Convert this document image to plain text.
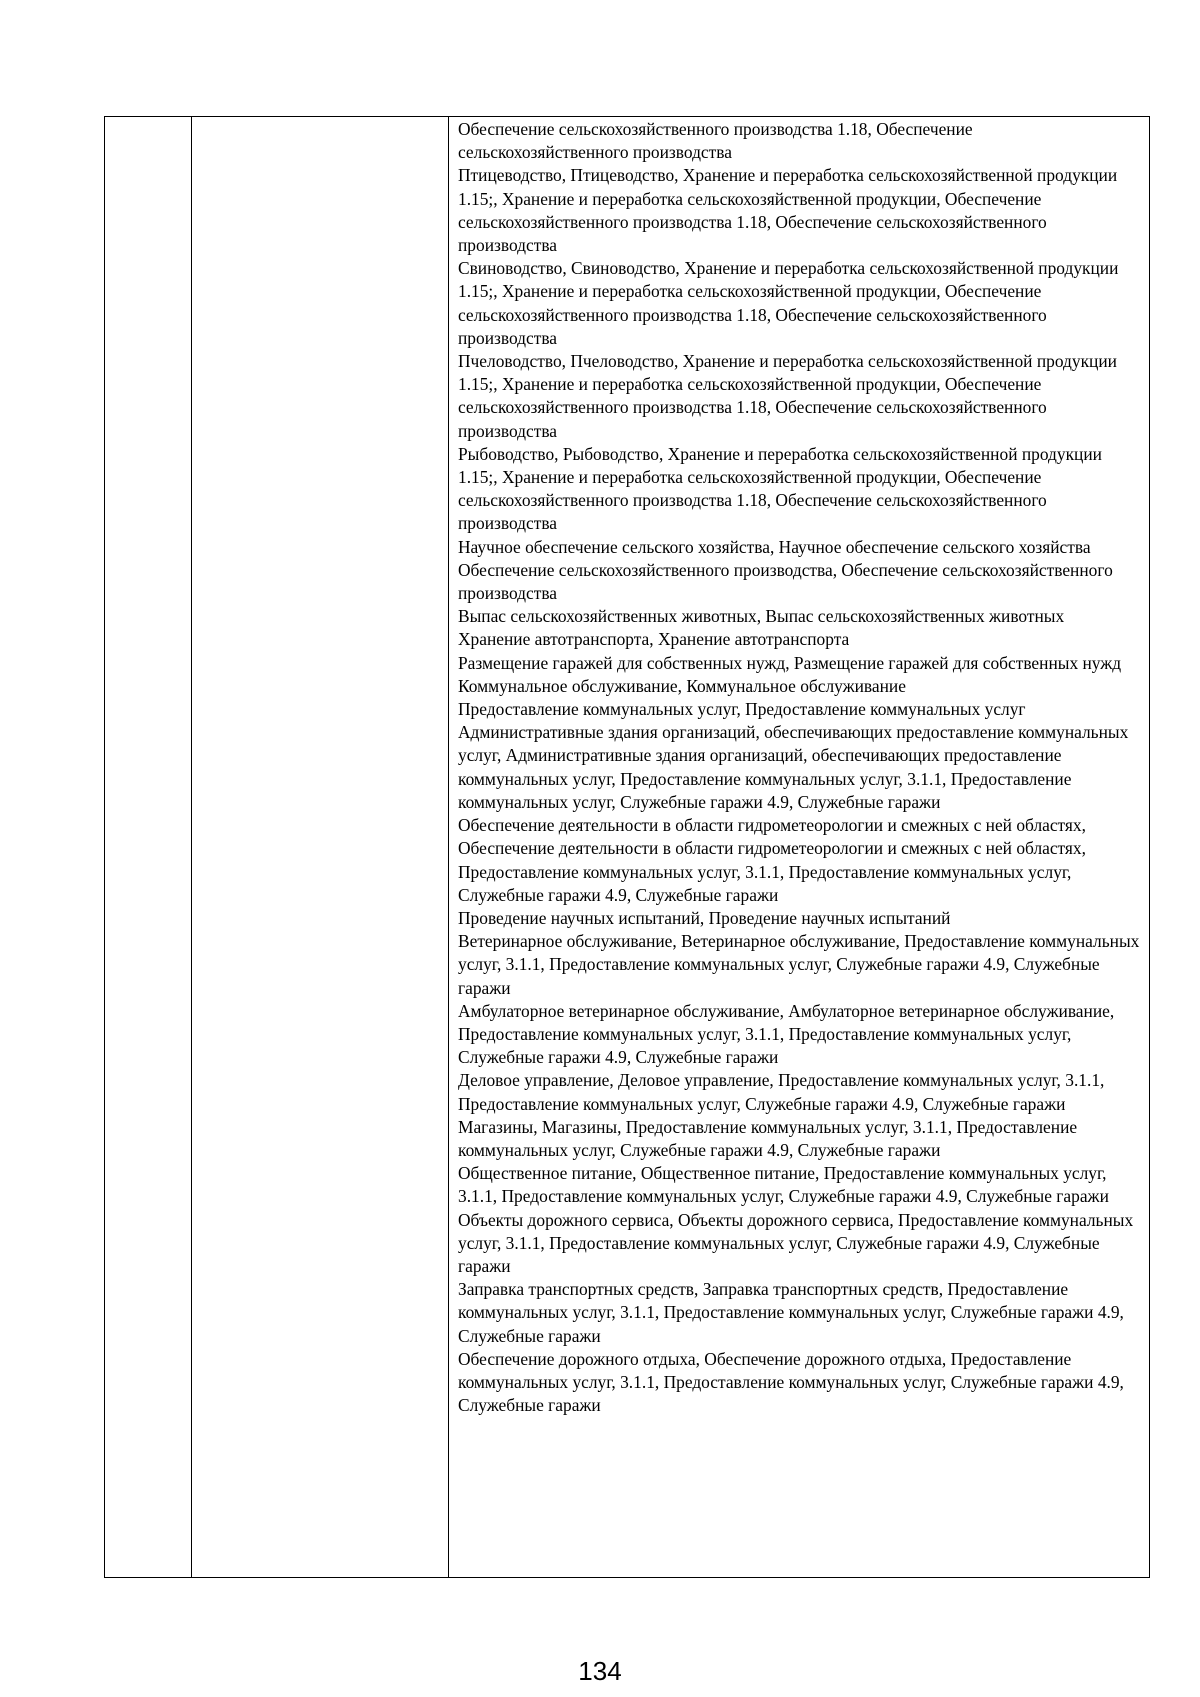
Обеспечение сельскохозяйственного производства 1.18, Обеспечение сельскохозяйственного производства
Птицеводство, Птицеводство, Хранение и переработка сельскохозяйственной продукции 1.15;, Хранение и переработка сельскохозяйственной продукции, Обеспечение сельскохозяйственного производства 1.18, Обеспечение сельскохозяйственного производства
Свиноводство, Свиноводство, Хранение и переработка сельскохозяйственной продукции 1.15;, Хранение и переработка сельскохозяйственной продукции, Обеспечение сельскохозяйственного производства 1.18, Обеспечение сельскохозяйственного производства
Пчеловодство, Пчеловодство, Хранение и переработка сельскохозяйственной продукции 1.15;, Хранение и переработка сельскохозяйственной продукции, Обеспечение сельскохозяйственного производства 1.18, Обеспечение сельскохозяйственного производства
Рыбоводство, Рыбоводство, Хранение и переработка сельскохозяйственной продукции 1.15;, Хранение и переработка сельскохозяйственной продукции, Обеспечение сельскохозяйственного производства 1.18, Обеспечение сельскохозяйственного производства
Научное обеспечение сельского хозяйства, Научное обеспечение сельского хозяйства
Обеспечение сельскохозяйственного производства, Обеспечение сельскохозяйственного производства
Выпас сельскохозяйственных животных, Выпас сельскохозяйственных животных
Хранение автотранспорта, Хранение автотранспорта
Размещение гаражей для собственных нужд, Размещение гаражей для собственных нужд
Коммунальное обслуживание, Коммунальное обслуживание
Предоставление коммунальных услуг, Предоставление коммунальных услуг
Административные здания организаций, обеспечивающих предоставление коммунальных услуг, Административные здания организаций, обеспечивающих предоставление коммунальных услуг, Предоставление коммунальных услуг, 3.1.1, Предоставление коммунальных услуг, Служебные гаражи 4.9, Служебные гаражи
Обеспечение деятельности в области гидрометеорологии и смежных с ней областях, Обеспечение деятельности в области гидрометеорологии и смежных с ней областях, Предоставление коммунальных услуг, 3.1.1, Предоставление коммунальных услуг, Служебные гаражи 4.9, Служебные гаражи
Проведение научных испытаний, Проведение научных испытаний
Ветеринарное обслуживание, Ветеринарное обслуживание, Предоставление коммунальных услуг, 3.1.1, Предоставление коммунальных услуг, Служебные гаражи 4.9, Служебные гаражи
Амбулаторное ветеринарное обслуживание, Амбулаторное ветеринарное обслуживание, Предоставление коммунальных услуг, 3.1.1, Предоставление коммунальных услуг, Служебные гаражи 4.9, Служебные гаражи
Деловое управление, Деловое управление, Предоставление коммунальных услуг, 3.1.1, Предоставление коммунальных услуг, Служебные гаражи 4.9, Служебные гаражи
Магазины, Магазины, Предоставление коммунальных услуг, 3.1.1, Предоставление коммунальных услуг, Служебные гаражи 4.9, Служебные гаражи
Общественное питание, Общественное питание, Предоставление коммунальных услуг, 3.1.1, Предоставление коммунальных услуг, Служебные гаражи 4.9, Служебные гаражи
Объекты дорожного сервиса, Объекты дорожного сервиса, Предоставление коммунальных услуг, 3.1.1, Предоставление коммунальных услуг, Служебные гаражи 4.9, Служебные гаражи
Заправка транспортных средств, Заправка транспортных средств, Предоставление коммунальных услуг, 3.1.1, Предоставление коммунальных услуг, Служебные гаражи 4.9, Служебные гаражи
Обеспечение дорожного отдыха, Обеспечение дорожного отдыха, Предоставление коммунальных услуг, 3.1.1, Предоставление коммунальных услуг, Служебные гаражи 4.9, Служебные гаражи
134
